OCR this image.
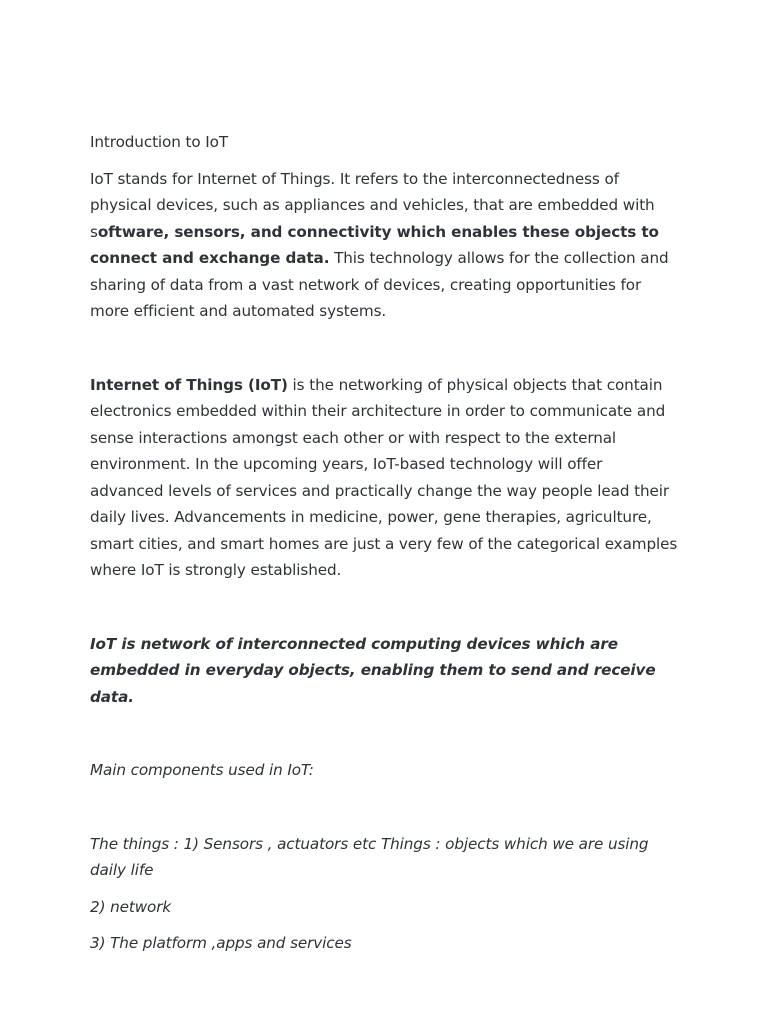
Introduction to IoT

IoT stands for Internet of Things. It refers to the interconnectedness of physical devices, such as appliances and vehicles, that are embedded with software, sensors, and connectivity which enables these objects to connect and exchange data. This technology allows for the collection and sharing of data from a vast network of devices, creating opportunities for more efficient and automated systems.

Internet of Things (IoT) is the networking of physical objects that contain electronics embedded within their architecture in order to communicate and sense interactions amongst each other or with respect to the external environment. In the upcoming years, IoT-based technology will offer advanced levels of services and practically change the way people lead their daily lives. Advancements in medicine, power, gene therapies, agriculture, smart cities, and smart homes are just a very few of the categorical examples where IoT is strongly established.

IoT is network of interconnected computing devices which are embedded in everyday objects, enabling them to send and receive data.

Main components used in IoT:

The things : 1) Sensors , actuators etc Things : objects which we are using daily life

2) network

3) The platform ,apps and services
